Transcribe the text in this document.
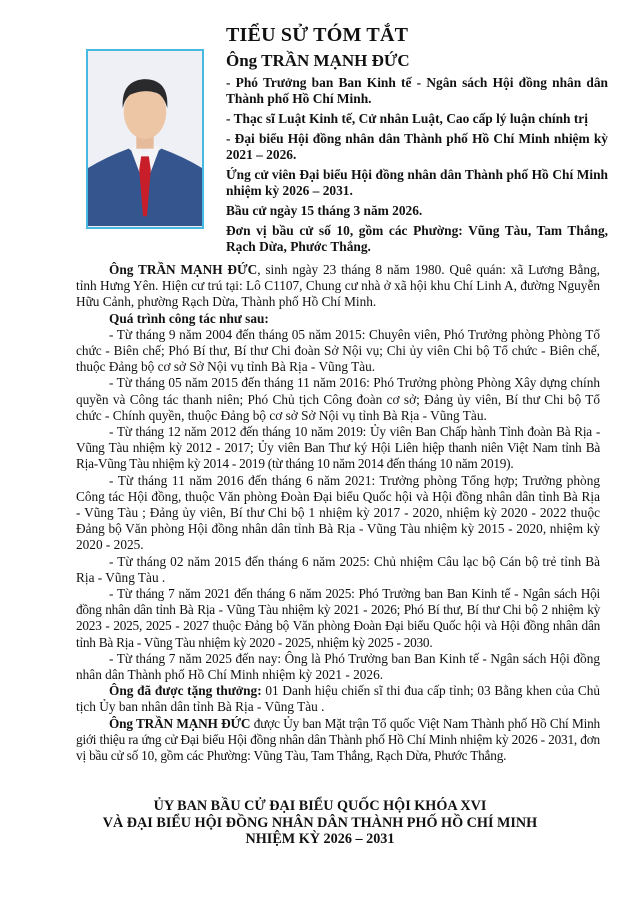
TIỂU SỬ TÓM TẮT
Ông TRẦN MẠNH ĐỨC
- Phó Trưởng ban Ban Kinh tế - Ngân sách Hội đồng nhân dân Thành phố Hồ Chí Minh.
- Thạc sĩ Luật Kinh tế, Cử nhân Luật, Cao cấp lý luận chính trị
- Đại biểu Hội đồng nhân dân Thành phố Hồ Chí Minh nhiệm kỳ 2021 – 2026.
Ứng cử viên Đại biểu Hội đồng nhân dân Thành phố Hồ Chí Minh nhiệm kỳ 2026 – 2031.
Bầu cử ngày 15 tháng 3 năm 2026.
Đơn vị bầu cử số 10, gồm các Phường: Vũng Tàu, Tam Thắng, Rạch Dừa, Phước Thắng.

Ông TRẦN MẠNH ĐỨC, sinh ngày 23 tháng 8 năm 1980. Quê quán: xã Lương Bằng, tỉnh Hưng Yên. Hiện cư trú tại: Lô C1107, Chung cư nhà ở xã hội khu Chí Linh A, đường Nguyễn Hữu Cảnh, phường Rạch Dừa, Thành phố Hồ Chí Minh.

Quá trình công tác như sau:

- Từ tháng 9 năm 2004 đến tháng 05 năm 2015: Chuyên viên, Phó Trưởng phòng Phòng Tổ chức - Biên chế; Phó Bí thư, Bí thư Chi đoàn Sở Nội vụ; Chi ủy viên Chi bộ Tổ chức - Biên chế, thuộc Đảng bộ cơ sở Sở Nội vụ tỉnh Bà Rịa - Vũng Tàu.

- Từ tháng 05 năm 2015 đến tháng 11 năm 2016: Phó Trưởng phòng Phòng Xây dựng chính quyền và Công tác thanh niên; Phó Chủ tịch Công đoàn cơ sở; Đảng ủy viên, Bí thư Chi bộ Tổ chức - Chính quyền, thuộc Đảng bộ cơ sở Sở Nội vụ tỉnh Bà Rịa - Vũng Tàu.

- Từ tháng 12 năm 2012 đến tháng 10 năm 2019: Ủy viên Ban Chấp hành Tỉnh đoàn Bà Rịa - Vũng Tàu nhiệm kỳ 2012 - 2017; Ủy viên Ban Thư ký Hội Liên hiệp thanh niên Việt Nam tỉnh Bà Rịa-Vũng Tàu nhiệm kỳ 2014 - 2019 (từ tháng 10 năm 2014 đến tháng 10 năm 2019).

- Từ tháng 11 năm 2016 đến tháng 6 năm 2021: Trưởng phòng Tổng hợp; Trưởng phòng Công tác Hội đồng, thuộc Văn phòng Đoàn Đại biểu Quốc hội và Hội đồng nhân dân tỉnh Bà Rịa - Vũng Tàu ; Đảng ủy viên, Bí thư Chi bộ 1 nhiệm kỳ 2017 - 2020, nhiệm kỳ 2020 - 2022 thuộc Đảng bộ Văn phòng Hội đồng nhân dân tỉnh Bà Rịa - Vũng Tàu nhiệm kỳ 2015 - 2020, nhiệm kỳ 2020 - 2025.

- Từ tháng 02 năm 2015 đến tháng 6 năm 2025: Chủ nhiệm Câu lạc bộ Cán bộ trẻ tỉnh Bà Rịa - Vũng Tàu .

- Từ tháng 7 năm 2021 đến tháng 6 năm 2025: Phó Trưởng ban Ban Kinh tế - Ngân sách Hội đồng nhân dân tỉnh Bà Rịa - Vũng Tàu nhiệm kỳ 2021 - 2026; Phó Bí thư, Bí thư Chi bộ 2 nhiệm kỳ 2023 - 2025, 2025 - 2027 thuộc Đảng bộ Văn phòng Đoàn Đại biểu Quốc hội và Hội đồng nhân dân tỉnh Bà Rịa - Vũng Tàu nhiệm kỳ 2020 - 2025, nhiệm kỳ 2025 - 2030.

- Từ tháng 7 năm 2025 đến nay: Ông là Phó Trưởng ban Ban Kinh tế - Ngân sách Hội đồng nhân dân Thành phố Hồ Chí Minh nhiệm kỳ 2021 - 2026.

Ông đã được tặng thưởng: 01 Danh hiệu chiến sĩ thi đua cấp tỉnh; 03 Bằng khen của Chủ tịch Ủy ban nhân dân tỉnh Bà Rịa - Vũng Tàu .

Ông TRẦN MẠNH ĐỨC được Ủy ban Mặt trận Tổ quốc Việt Nam Thành phố Hồ Chí Minh giới thiệu ra ứng cử Đại biểu Hội đồng nhân dân Thành phố Hồ Chí Minh nhiệm kỳ 2026 - 2031, đơn vị bầu cử số 10, gồm các Phường: Vũng Tàu, Tam Thắng, Rạch Dừa, Phước Thắng.

ỦY BAN BẦU CỬ ĐẠI BIỂU QUỐC HỘI KHÓA XVI
VÀ ĐẠI BIỂU HỘI ĐỒNG NHÂN DÂN THÀNH PHỐ HỒ CHÍ MINH
NHIỆM KỲ 2026 – 2031
